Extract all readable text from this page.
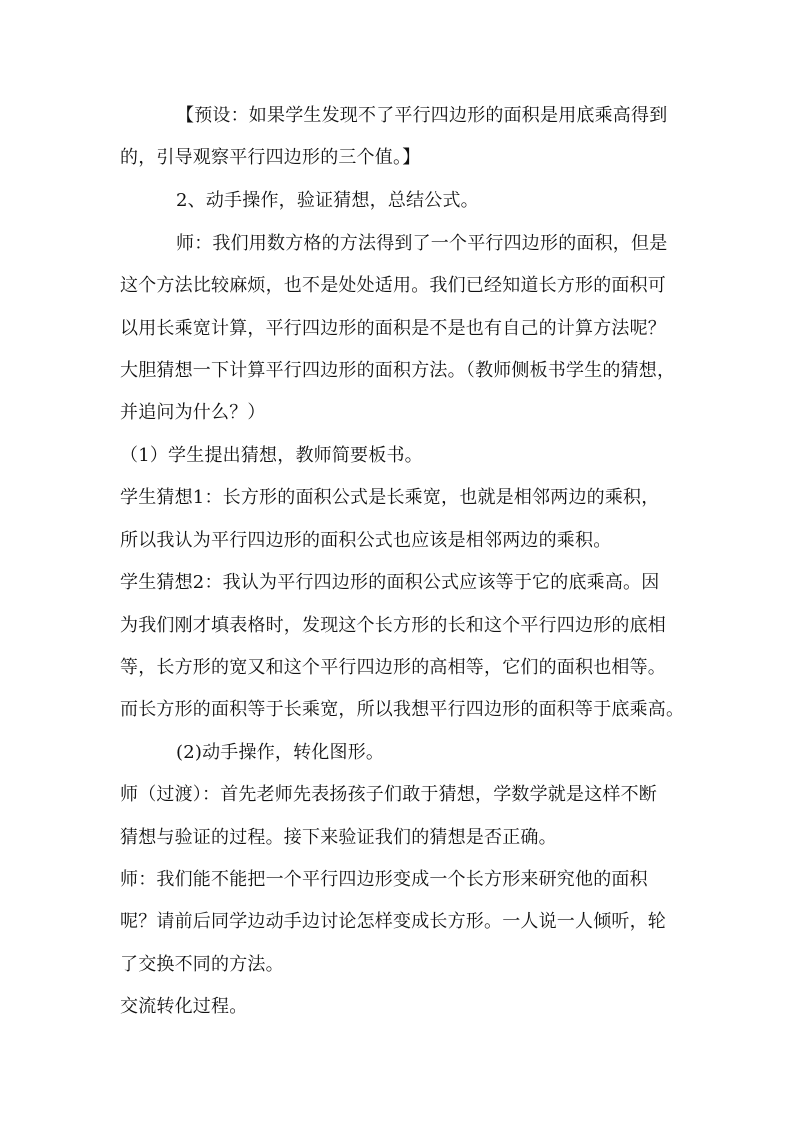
【预设：如果学生发现不了平行四边形的面积是用底乘高得到
的，引导观察平行四边形的三个值。】
2、动手操作，验证猜想，总结公式。
师：我们用数方格的方法得到了一个平行四边形的面积，但是
这个方法比较麻烦，也不是处处适用。我们已经知道长方形的面积可
以用长乘宽计算，平行四边形的面积是不是也有自己的计算方法呢？
大胆猜想一下计算平行四边形的面积方法。（教师侧板书学生的猜想，
并追问为什么？）
（1）学生提出猜想，教师简要板书。
学生猜想1：长方形的面积公式是长乘宽，也就是相邻两边的乘积，
所以我认为平行四边形的面积公式也应该是相邻两边的乘积。
学生猜想2：我认为平行四边形的面积公式应该等于它的底乘高。因
为我们刚才填表格时，发现这个长方形的长和这个平行四边形的底相
等，长方形的宽又和这个平行四边形的高相等，它们的面积也相等。
而长方形的面积等于长乘宽，所以我想平行四边形的面积等于底乘高。
(2)动手操作，转化图形。
师（过渡）：首先老师先表扬孩子们敢于猜想，学数学就是这样不断
猜想与验证的过程。接下来验证我们的猜想是否正确。
师：我们能不能把一个平行四边形变成一个长方形来研究他的面积
呢？请前后同学边动手边讨论怎样变成长方形。一人说一人倾听，轮
了交换不同的方法。
交流转化过程。
